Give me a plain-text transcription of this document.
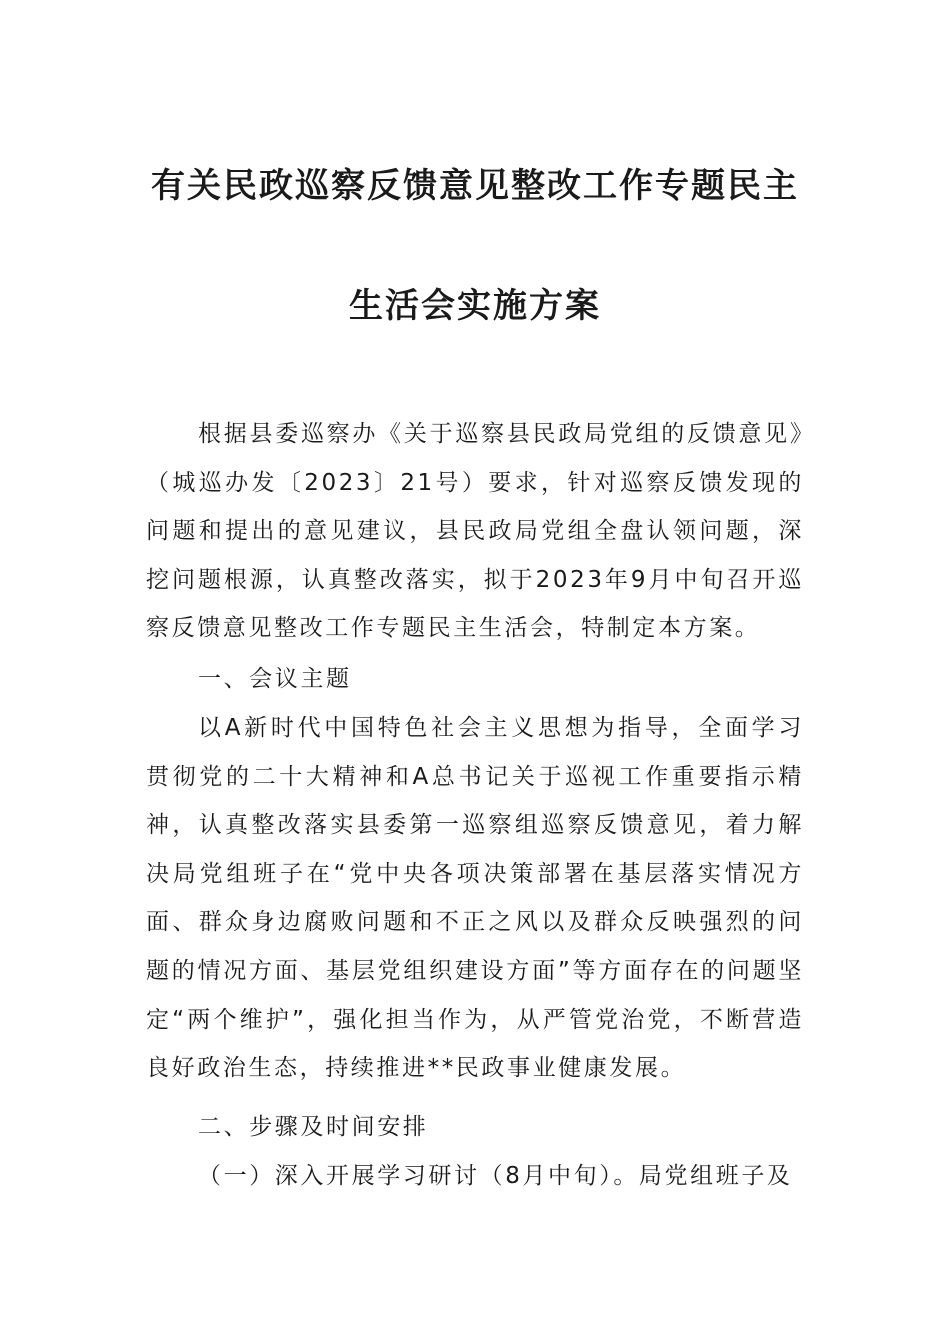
有关民政巡察反馈意见整改工作专题民主
生活会实施方案
根据县委巡察办《关于巡察县民政局党组的反馈意见》（城巡办发〔2023〕21号）要求，针对巡察反馈发现的问题和提出的意见建议，县民政局党组全盘认领问题，深挖问题根源，认真整改落实，拟于2023年9月中旬召开巡察反馈意见整改工作专题民主生活会，特制定本方案。
一、会议主题
以A新时代中国特色社会主义思想为指导，全面学习贯彻党的二十大精神和A总书记关于巡视工作重要指示精神，认真整改落实县委第一巡察组巡察反馈意见，着力解决局党组班子在“党中央各项决策部署在基层落实情况方面、群众身边腐败问题和不正之风以及群众反映强烈的问题的情况方面、基层党组织建设方面”等方面存在的问题坚定“两个维护”，强化担当作为，从严管党治党，不断营造良好政治生态，持续推进**民政事业健康发展。
二、步骤及时间安排
（一）深入开展学习研讨（8月中旬）。局党组班子及
